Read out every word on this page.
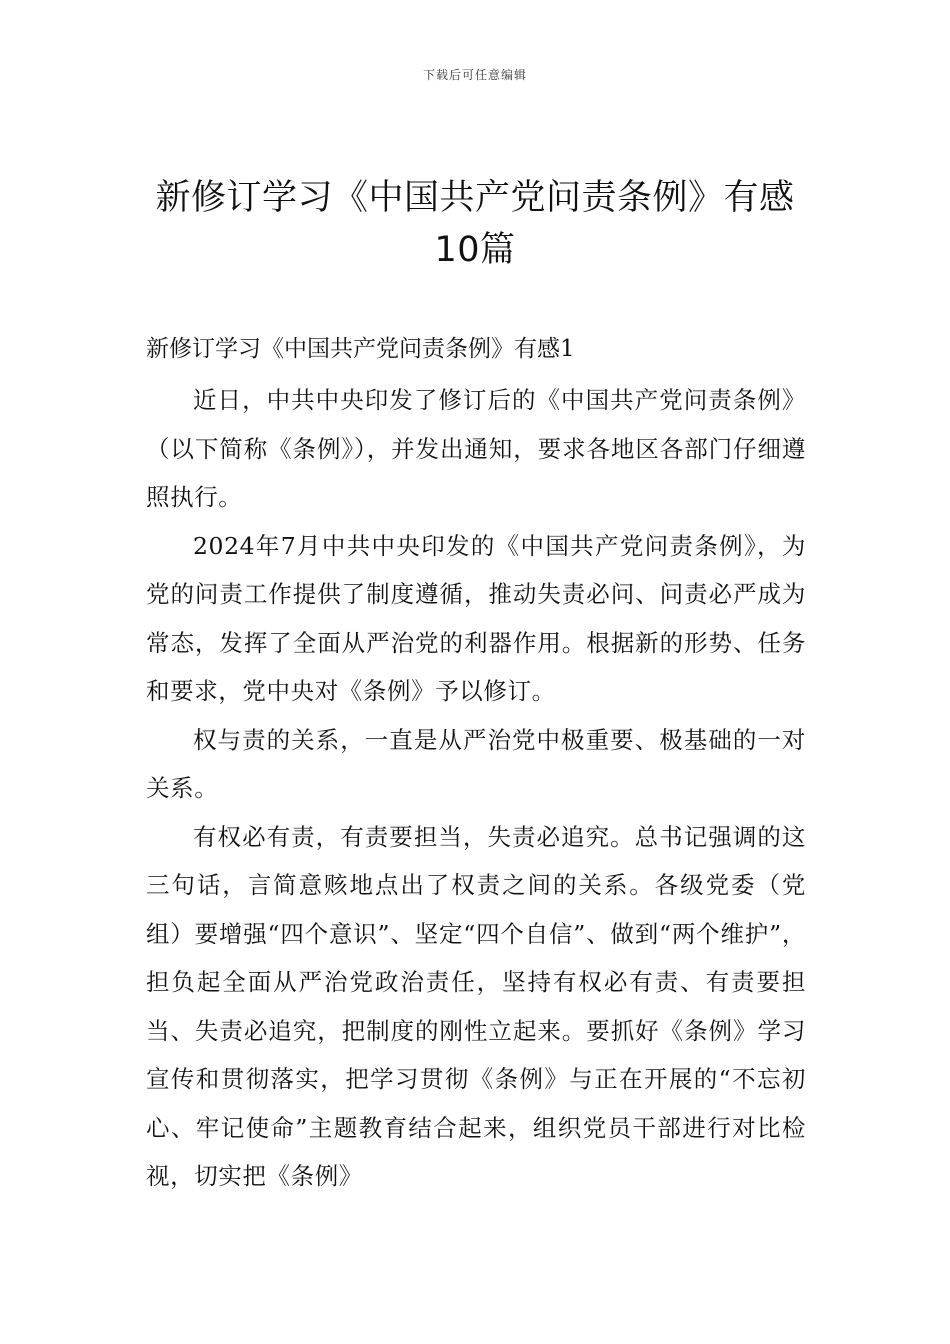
下载后可任意编辑
新修订学习《中国共产党问责条例》有感
10篇
新修订学习《中国共产党问责条例》有感1

近日，中共中央印发了修订后的《中国共产党问责条例》（以下简称《条例》），并发出通知，要求各地区各部门仔细遵照执行。

2024年7月中共中央印发的《中国共产党问责条例》，为党的问责工作提供了制度遵循，推动失责必问、问责必严成为常态，发挥了全面从严治党的利器作用。根据新的形势、任务和要求，党中央对《条例》予以修订。

权与责的关系，一直是从严治党中极重要、极基础的一对关系。

有权必有责，有责要担当，失责必追究。总书记强调的这三句话，言简意赅地点出了权责之间的关系。各级党委（党组）要增强“四个意识”、坚定“四个自信”、做到“两个维护”，担负起全面从严治党政治责任，坚持有权必有责、有责要担当、失责必追究，把制度的刚性立起来。要抓好《条例》学习宣传和贯彻落实，把学习贯彻《条例》与正在开展的“不忘初心、牢记使命”主题教育结合起来，组织党员干部进行对比检视，切实把《条例》
